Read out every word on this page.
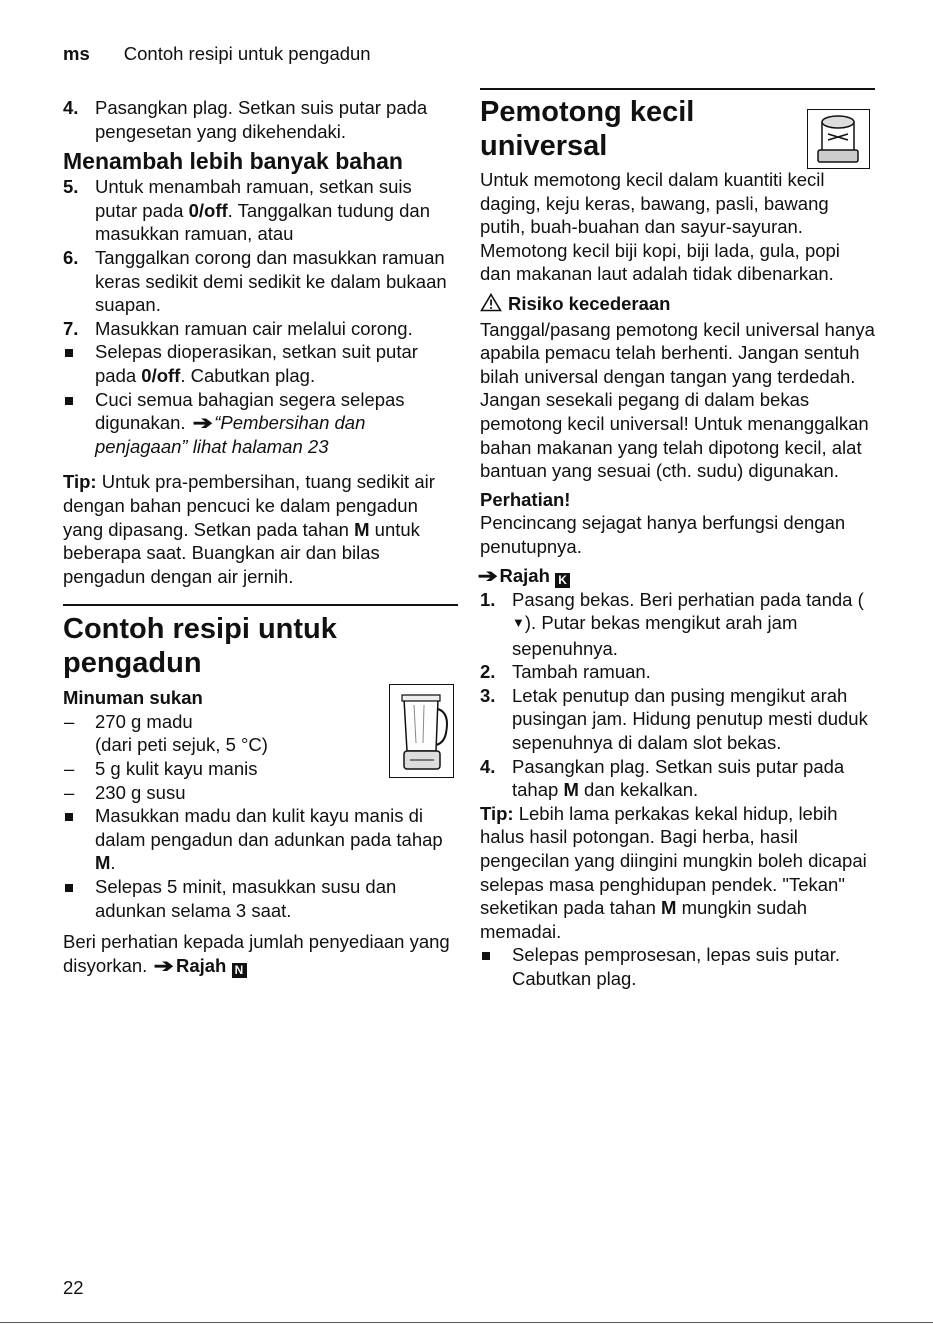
ms Contoh resipi untuk pengadun
4. Pasangkan plag. Setkan suis putar pada pengesetan yang dikehendaki.
Menambah lebih banyak bahan
5. Untuk menambah ramuan, setkan suis putar pada 0/off. Tanggalkan tudung dan masukkan ramuan, atau
6. Tanggalkan corong dan masukkan ramuan keras sedikit demi sedikit ke dalam bukaan suapan.
7. Masukkan ramuan cair melalui corong.
Selepas dioperasikan, setkan suit putar pada 0/off. Cabutkan plag.
Cuci semua bahagian segera selepas digunakan. ➔“Pembersihan dan penjagaan” lihat halaman 23

Tip: Untuk pra-pembersihan, tuang sedikit air dengan bahan pencuci ke dalam pengadun yang dipasang. Setkan pada tahan M untuk beberapa saat. Buangkan air dan bilas pengadun dengan air jernih.

Contoh resipi untuk pengadun
Minuman sukan
– 270 g madu
(dari peti sejuk, 5 °C)
– 5 g kulit kayu manis
– 230 g susu
Masukkan madu dan kulit kayu manis di dalam pengadun dan adunkan pada tahap M.
Selepas 5 minit, masukkan susu dan adunkan selama 3 saat.

Beri perhatian kepada jumlah penyediaan yang disyorkan. ➔Rajah N

Pemotong kecil universal

Untuk memotong kecil dalam kuantiti kecil daging, keju keras, bawang, pasli, bawang putih, buah-buahan dan sayur-sayuran. Memotong kecil biji kopi, biji lada, gula, popi dan makanan laut adalah tidak dibenarkan.

Risiko kecederaan

Tanggal/pasang pemotong kecil universal hanya apabila pemacu telah berhenti. Jangan sentuh bilah universal dengan tangan yang terdedah. Jangan sesekali pegang di dalam bekas pemotong kecil universal! Untuk menanggalkan bahan makanan yang telah dipotong kecil, alat bantuan yang sesuai (cth. sudu) digunakan.

Perhatian!

Pencincang sejagat hanya berfungsi dengan penutupnya.

➔Rajah K
1. Pasang bekas. Beri perhatian pada tanda (▼). Putar bekas mengikut arah jam sepenuhnya.
2. Tambah ramuan.
3. Letak penutup dan pusing mengikut arah pusingan jam. Hidung penutup mesti duduk sepenuhnya di dalam slot bekas.
4. Pasangkan plag. Setkan suis putar pada tahap M dan kekalkan.

Tip: Lebih lama perkakas kekal hidup, lebih halus hasil potongan. Bagi herba, hasil pengecilan yang diingini mungkin boleh dicapai selepas masa penghidupan pendek. "Tekan" seketikan pada tahan M mungkin sudah memadai.

Selepas pemprosesan, lepas suis putar. Cabutkan plag.
22
